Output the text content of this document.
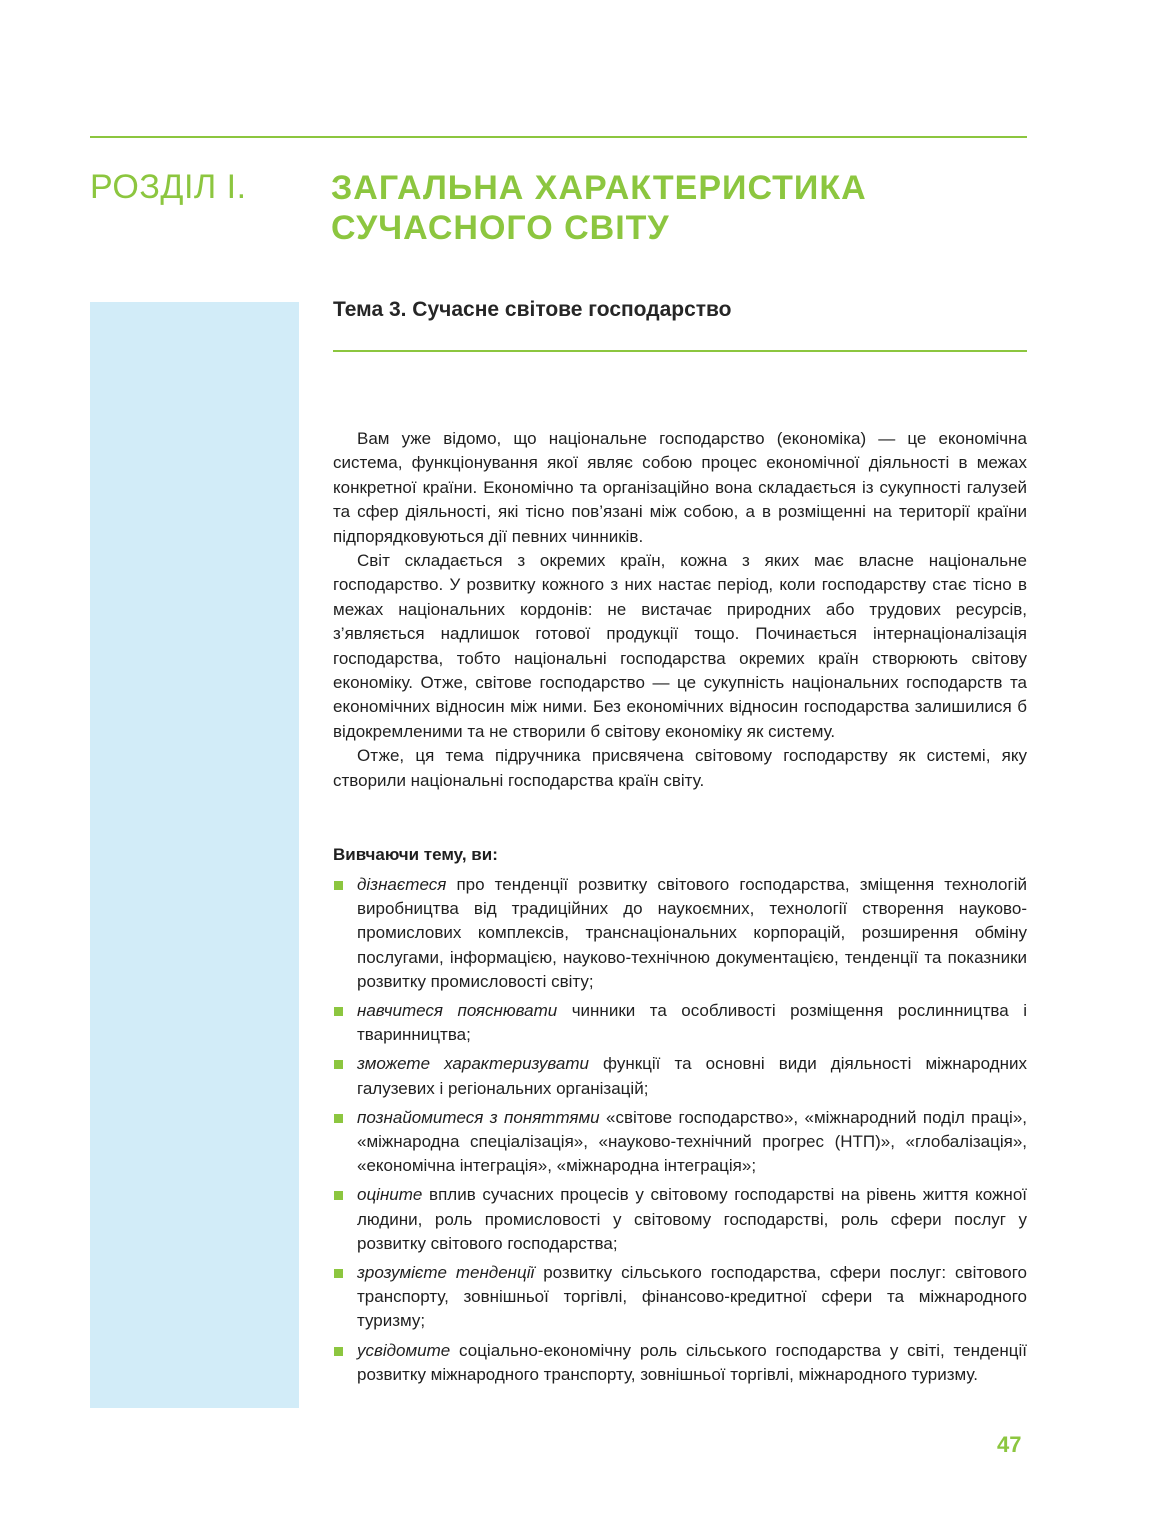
РОЗДІЛ I. ЗАГАЛЬНА ХАРАКТЕРИСТИКА
СУЧАСНОГО СВІТУ
Тема 3. Сучасне світове господарство

Вам уже відомо, що національне господарство (економіка) — це економічна система, функціонування якої являє собою процес економічної діяльності в межах конкретної країни. Економічно та організаційно вона складається із сукупності галузей та сфер діяльності, які тісно пов’язані між собою, а в розміщенні на території країни підпорядковуються дії певних чинників.

Світ складається з окремих країн, кожна з яких має власне національне господарство. У розвитку кожного з них настає період, коли господарству стає тісно в межах національних кордонів: не вистачає природних або трудових ресурсів, з’являється надлишок готової продукції тощо. Починається інтернаціоналізація господарства, тобто національні господарства окремих країн створюють світову економіку. Отже, світове господарство — це сукупність національних господарств та економічних відносин між ними. Без економічних відносин господарства залишилися б відокремленими та не створили б світову економіку як систему.

Отже, ця тема підручника присвячена світовому господарству як системі, яку створили національні господарства країн світу.

Вивчаючи тему, ви:
дізнаєтеся про тенденції розвитку світового господарства, зміщення технологій виробництва від традиційних до наукоємних, технології створення науково-промислових комплексів, транснаціональних корпорацій, розширення обміну послугами, інформацією, науково-технічною документацією, тенденції та показники розвитку промисловості світу;
навчитеся пояснювати чинники та особливості розміщення рослинництва і тваринництва;
зможете характеризувати функції та основні види діяльності міжнародних галузевих і регіональних організацій;
познайомитеся з поняттями «світове господарство», «міжнародний поділ праці», «міжнародна спеціалізація», «науково-технічний прогрес (НТП)», «глобалізація», «економічна інтеграція», «міжнародна інтеграція»;
оціните вплив сучасних процесів у світовому господарстві на рівень життя кожної людини, роль промисловості у світовому господарстві, роль сфери послуг у розвитку світового господарства;
зрозумієте тенденції розвитку сільського господарства, сфери послуг: світового транспорту, зовнішньої торгівлі, фінансово-кредитної сфери та міжнародного туризму;
усвідомите соціально-економічну роль сільського господарства у світі, тенденції розвитку міжнародного транспорту, зовнішньої торгівлі, міжнародного туризму.
47
